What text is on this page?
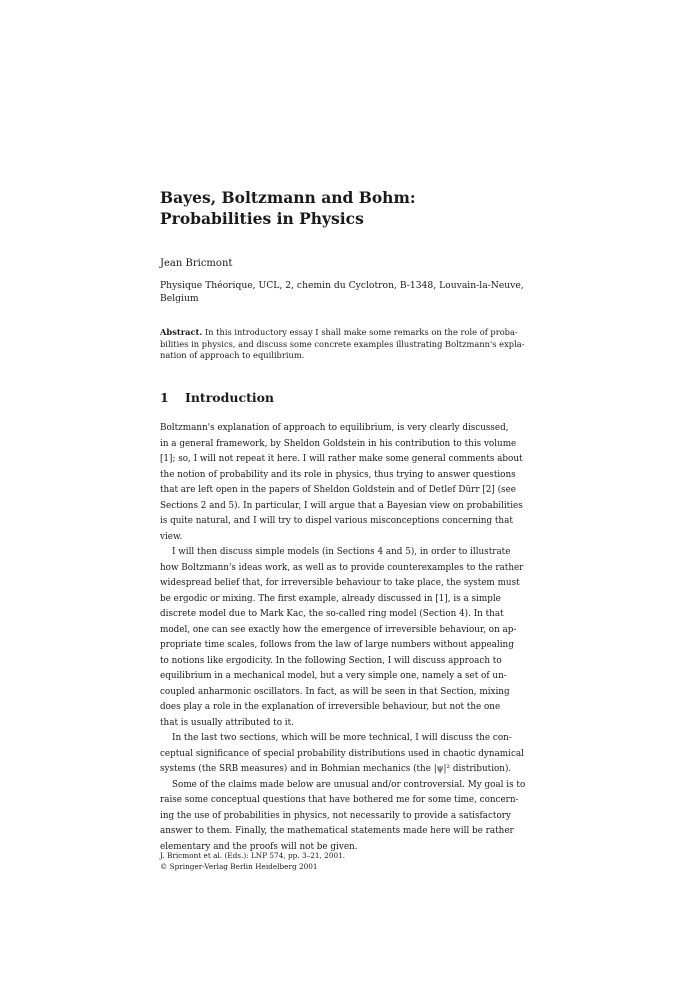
Bayes, Boltzmann and Bohm:
Probabilities in Physics
Jean Bricmont
Physique Théorique, UCL, 2, chemin du Cyclotron, B-1348, Louvain-la-Neuve,
Belgium
Abstract. In this introductory essay I shall make some remarks on the role of proba-
bilities in physics, and discuss some concrete examples illustrating Boltzmann's expla-
nation of approach to equilibrium.
1 Introduction
Boltzmann's explanation of approach to equilibrium, is very clearly discussed,
in a general framework, by Sheldon Goldstein in his contribution to this volume
[1]; so, I will not repeat it here. I will rather make some general comments about
the notion of probability and its role in physics, thus trying to answer questions
that are left open in the papers of Sheldon Goldstein and of Detlef Dürr [2] (see
Sections 2 and 5). In particular, I will argue that a Bayesian view on probabilities
is quite natural, and I will try to dispel various misconceptions concerning that
view.
I will then discuss simple models (in Sections 4 and 5), in order to illustrate
how Boltzmann's ideas work, as well as to provide counterexamples to the rather
widespread belief that, for irreversible behaviour to take place, the system must
be ergodic or mixing. The first example, already discussed in [1], is a simple
discrete model due to Mark Kac, the so-called ring model (Section 4). In that
model, one can see exactly how the emergence of irreversible behaviour, on ap-
propriate time scales, follows from the law of large numbers without appealing
to notions like ergodicity. In the following Section, I will discuss approach to
equilibrium in a mechanical model, but a very simple one, namely a set of un-
coupled anharmonic oscillators. In fact, as will be seen in that Section, mixing
does play a role in the explanation of irreversible behaviour, but not the one
that is usually attributed to it.
In the last two sections, which will be more technical, I will discuss the con-
ceptual significance of special probability distributions used in chaotic dynamical
systems (the SRB measures) and in Bohmian mechanics (the |ψ|² distribution).
Some of the claims made below are unusual and/or controversial. My goal is to
raise some conceptual questions that have bothered me for some time, concern-
ing the use of probabilities in physics, not necessarily to provide a satisfactory
answer to them. Finally, the mathematical statements made here will be rather
elementary and the proofs will not be given.
J. Bricmont et al. (Eds.): LNP 574, pp. 3–21, 2001.
© Springer-Verlag Berlin Heidelberg 2001
